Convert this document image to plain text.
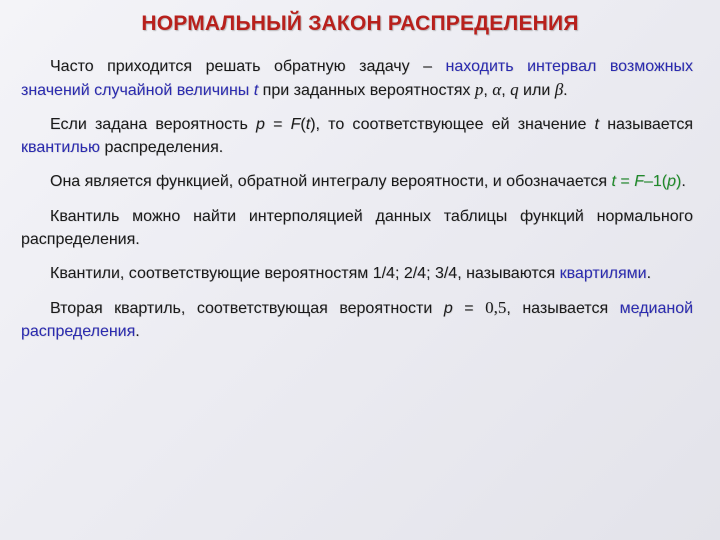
НОРМАЛЬНЫЙ ЗАКОН РАСПРЕДЕЛЕНИЯ

Часто приходится решать обратную задачу – находить интервал возможных значений случайной величины t при заданных вероятностях p, α, q или β.

Если задана вероятность p = F(t), то соответствующее ей значение t называется квантилью распределения.

Она является функцией, обратной интегралу вероятности, и обозначается t = F–1(p).

Квантиль можно найти интерполяцией данных таблицы функций нормального распределения.

Квантили, соответствующие вероятностям 1/4; 2/4; 3/4, называются квартилями.

Вторая квартиль, соответствующая вероятности p = 0,5, называется медианой распределения.
